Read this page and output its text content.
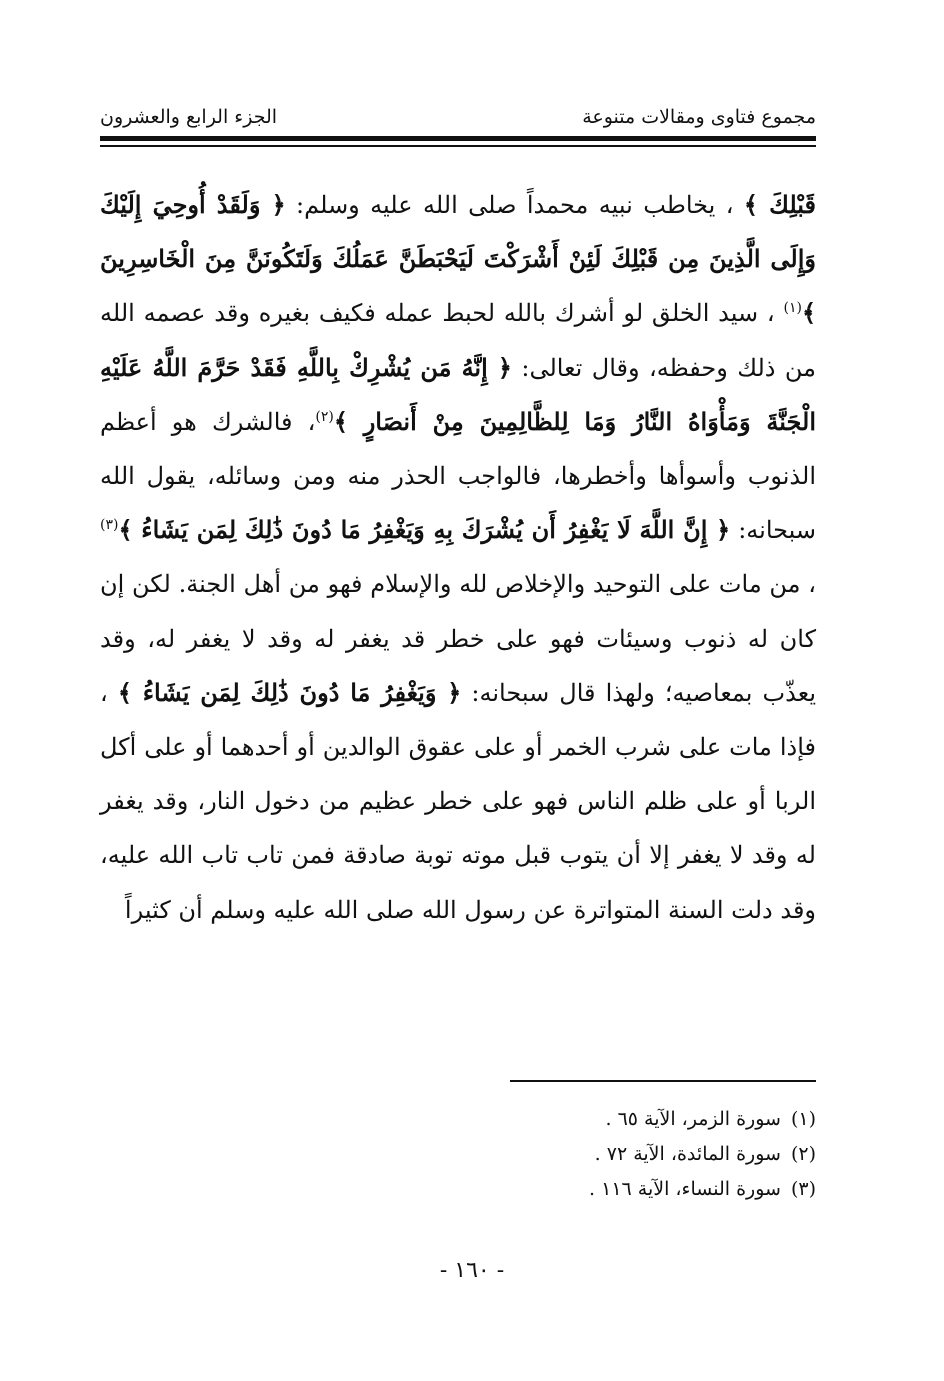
مجموع فتاوى ومقالات متنوعة
الجزء الرابع والعشرون

قَبْلِكَ ﴾ ، يخاطب نبيه محمداً صلى الله عليه وسلم: ﴿ وَلَقَدْ أُوحِيَ إِلَيْكَ وَإِلَى الَّذِينَ مِن قَبْلِكَ لَئِنْ أَشْرَكْتَ لَيَحْبَطَنَّ عَمَلُكَ وَلَتَكُونَنَّ مِنَ الْخَاسِرِينَ ﴾$^{(١)}$ ، سيد الخلق لو أشرك بالله لحبط عمله فكيف بغيره وقد عصمه الله من ذلك وحفظه، وقال تعالى: ﴿ إِنَّهُ مَن يُشْرِكْ بِاللَّهِ فَقَدْ حَرَّمَ اللَّهُ عَلَيْهِ الْجَنَّةَ وَمَأْوَاهُ النَّارُ وَمَا لِلظَّالِمِينَ مِنْ أَنصَارٍ ﴾$^{(٢)}$، فالشرك هو أعظم الذنوب وأسوأها وأخطرها، فالواجب الحذر منه ومن وسائله، يقول الله سبحانه: ﴿ إِنَّ اللَّهَ لَا يَغْفِرُ أَن يُشْرَكَ بِهِ وَيَغْفِرُ مَا دُونَ ذَٰلِكَ لِمَن يَشَاءُ ﴾$^{(٣)}$ ، من مات على التوحيد والإخلاص لله والإسلام فهو من أهل الجنة. لكن إن كان له ذنوب وسيئات فهو على خطر قد يغفر له وقد لا يغفر له، وقد يعذّب بمعاصيه؛ ولهذا قال سبحانه: ﴿ وَيَغْفِرُ مَا دُونَ ذَٰلِكَ لِمَن يَشَاءُ ﴾ ، فإذا مات على شرب الخمر أو على عقوق الوالدين أو أحدهما أو على أكل الربا أو على ظلم الناس فهو على خطر عظيم من دخول النار، وقد يغفر له وقد لا يغفر إلا أن يتوب قبل موته توبة صادقة فمن تاب تاب الله عليه، وقد دلت السنة المتواترة عن رسول الله صلى الله عليه وسلم أن كثيراً

(١)
سورة الزمر، الآية ٦٥ .
(٢)
سورة المائدة، الآية ٧٢ .
(٣)
سورة النساء، الآية ١١٦ .
- ١٦٠ -
